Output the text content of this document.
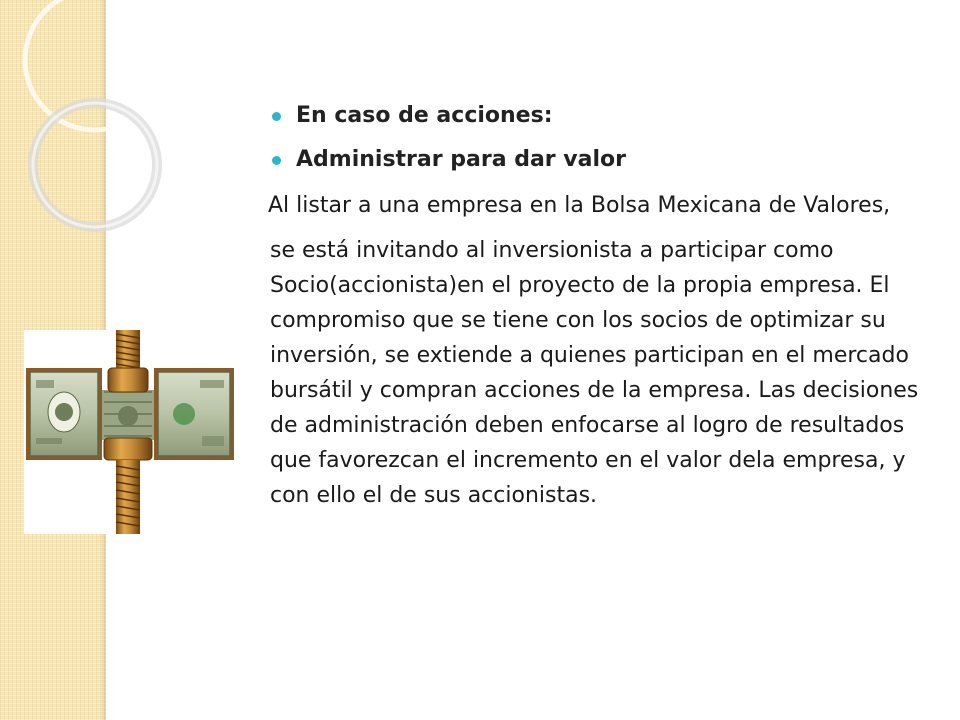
En caso de acciones:
Administrar para dar valor

Al listar a una empresa en la Bolsa Mexicana de Valores,

se está invitando al inversionista a participar como Socio(accionista)en el proyecto de la propia empresa. El compromiso que se tiene con los socios de optimizar su inversión, se extiende a quienes participan en el mercado bursátil y compran acciones de la empresa. Las decisiones de administración deben enfocarse al logro de resultados que favorezcan el incremento en el valor dela empresa, y con ello el de sus accionistas.
